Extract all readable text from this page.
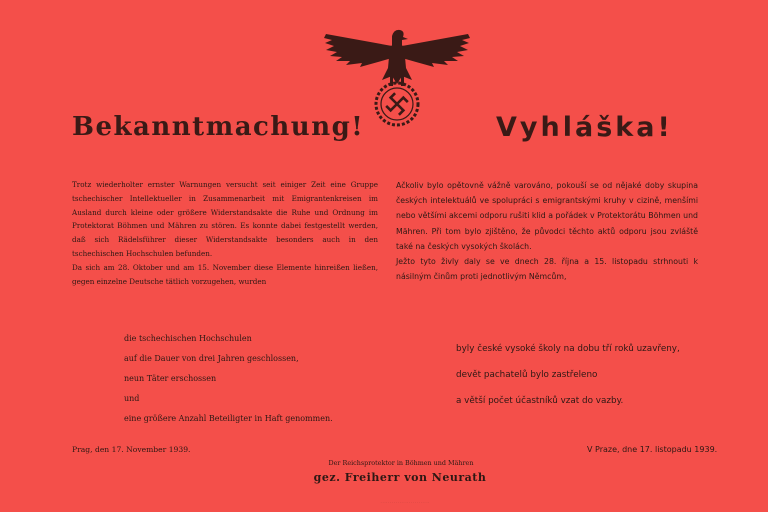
Bekanntmachung!

Trotz wiederholter ernster Warnungen versucht seit einiger Zeit eine Gruppe tschechischer Intellektueller in Zusammenarbeit mit Emigrantenkreisen im Ausland durch kleine oder größere Widerstandsakte die Ruhe und Ordnung im Protektorat Böhmen und Mähren zu stören. Es konnte dabei festgestellt werden, daß sich Rädelsführer dieser Widerstandsakte besonders auch in den tschechischen Hochschulen befunden.

Da sich am 28. Oktober und am 15. November diese Elemente hinreißen ließen, gegen einzelne Deutsche tätlich vorzugehen, wurden

die tschechischen Hochschulen
auf die Dauer von drei Jahren geschlossen,
neun Täter erschossen
und
eine größere Anzahl Beteiligter in Haft genommen.
Prag, den 17. November 1939.
Vyhláška!

Ačkoliv bylo opětovně vážně varováno, pokouší se od nějaké doby skupina českých intelektuálů ve spolupráci s emigrantskými kruhy v cizině, menšími nebo většími akcemi odporu rušiti klid a pořádek v Protektorátu Böhmen und Mähren. Při tom bylo zjištěno, že původci těchto aktů odporu jsou zvláště také na českých vysokých školách.

Ježto tyto živly daly se ve dnech 28. října a 15. listopadu strhnouti k násilným činům proti jednotlivým Němcům,

byly české vysoké školy na dobu tří roků uzavřeny,
devět pachatelů bylo zastřeleno
a větší počet účastníků vzat do vazby.
V Praze, dne 17. listopadu 1939.
Der Reichsprotektor in Böhmen und Mähren
gez. Freiherr von Neurath
· · · · · · · · · · · · · · · · · · · · · · · · · ·
